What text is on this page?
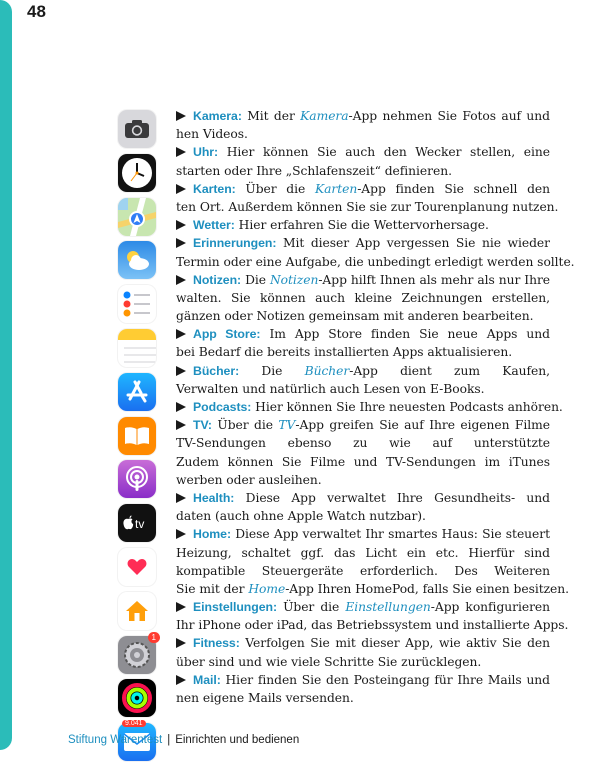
48
tv
1
9.041
Kamera: Mit der Kamera-App nehmen Sie Fotos auf und
hen Videos.
Uhr: Hier können Sie auch den Wecker stellen, eine
starten oder Ihre „Schlafenszeit“ definieren.
Karten: Über die Karten-App finden Sie schnell den
ten Ort. Außerdem können Sie sie zur Tourenplanung nutzen.
Wetter: Hier erfahren Sie die Wettervorhersage.
Erinnerungen: Mit dieser App vergessen Sie nie wieder
Termin oder eine Aufgabe, die unbedingt erledigt werden sollte.
Notizen: Die Notizen-App hilft Ihnen als mehr als nur Ihre
walten. Sie können auch kleine Zeichnungen erstellen,
gänzen oder Notizen gemeinsam mit anderen bearbeiten.
App Store: Im App Store finden Sie neue Apps und
bei Bedarf die bereits installierten Apps aktualisieren.
Bücher: Die Bücher-App dient zum Kaufen,
Verwalten und natürlich auch Lesen von E-Books.
Podcasts: Hier können Sie Ihre neuesten Podcasts anhören.
TV: Über die TV-App greifen Sie auf Ihre eigenen Filme
TV-Sendungen ebenso zu wie auf unterstützte
Zudem können Sie Filme und TV-Sendungen im iTunes
werben oder ausleihen.
Health: Diese App verwaltet Ihre Gesundheits- und
daten (auch ohne Apple Watch nutzbar).
Home: Diese App verwaltet Ihr smartes Haus: Sie steuert
Heizung, schaltet ggf. das Licht ein etc. Hierfür sind
kompatible Steuergeräte erforderlich. Des Weiteren
Sie mit der Home-App Ihren HomePod, falls Sie einen besitzen.
Einstellungen: Über die Einstellungen-App konfigurieren
Ihr iPhone oder iPad, das Betriebssystem und installierte Apps.
Fitness: Verfolgen Sie mit dieser App, wie aktiv Sie den
über sind und wie viele Schritte Sie zurücklegen.
Mail: Hier finden Sie den Posteingang für Ihre Mails und
nen eigene Mails versenden.
Stiftung Warentest | Einrichten und bedienen
